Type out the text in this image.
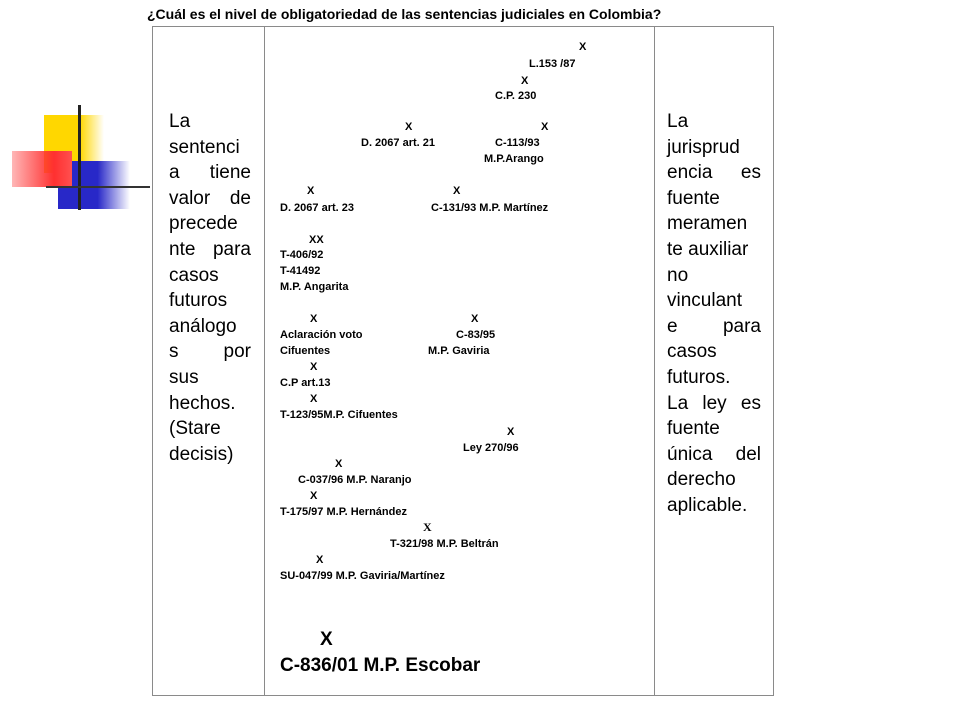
¿Cuál es el nivel de obligatoriedad de las sentencias judiciales en Colombia?
La
sentenci
a tiene
valor de
precede
nte para
casos
futuros
análogo
s por
sus
hechos.
(Stare
decisis)
X
L.153 /87
X
C.P. 230
X	X
D. 2067 art. 21	C-113/93
M.P.Arango
X	X
D. 2067 art. 23	C-131/93 M.P. Martínez
XX
T-406/92
T-41492
M.P. Angarita
X	X
Aclaración voto	C-83/95
Cifuentes	M.P. Gaviria
X
C.P art.13
X
T-123/95M.P. Cifuentes
X
Ley 270/96
X
C-037/96 M.P. Naranjo
X
T-175/97 M.P. Hernández
X
T-321/98 M.P. Beltrán
X
SU-047/99 M.P. Gaviria/Martínez
X
C-836/01 M.P. Escobar
La
jurisprud
encia es
fuente
meramen
te auxiliar
no
vinculant
e para
casos
futuros.
La ley es
fuente
única del
derecho
aplicable.
